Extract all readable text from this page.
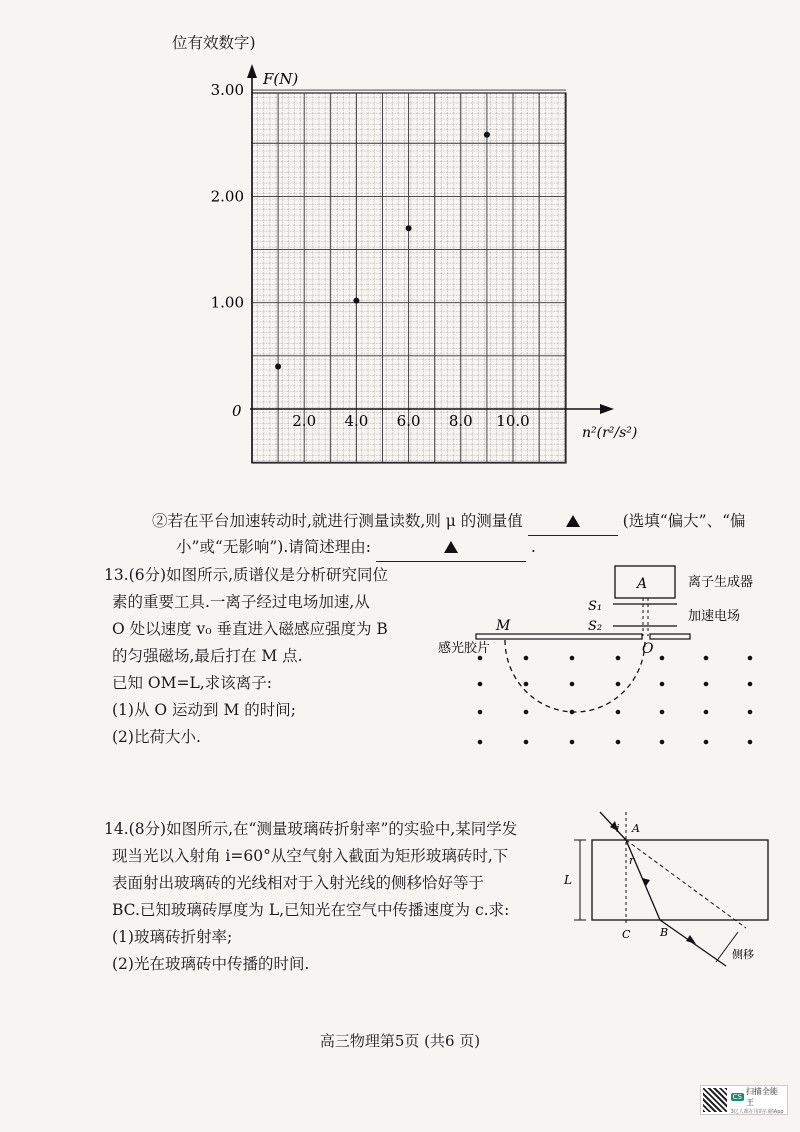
位有效数字)
3.00
2.00
1.00
2.0 4.0 6.0 8.0 10.0
F(N)
n²(r²/s²)
0
②若在平台加速转动时,就进行测量读数,则 μ 的测量值	(选填“偏大”、“偏
小”或“无影响”).请简述理由:	.
13.(6分)如图所示,质谱仪是分析研究同位
素的重要工具.一离子经过电场加速,从
O 处以速度 v₀ 垂直进入磁感应强度为 B
的匀强磁场,最后打在 M 点.
已知 OM=L,求该离子:
(1)从 O 运动到 M 的时间;
(2)比荷大小.
A	离子生成器
S₁
S₂
加速电场
M
O
感光胶片
14.(8分)如图所示,在“测量玻璃砖折射率”的实验中,某同学发
现当光以入射角 i=60°从空气射入截面为矩形玻璃砖时,下
表面射出玻璃砖的光线相对于入射光线的侧移恰好等于
BC.已知玻璃砖厚度为 L,已知光在空气中传播速度为 c.求:
(1)玻璃砖折射率;
(2)光在玻璃砖中传播的时间.
L
i A
r
C	B
侧移
高三物理第5页 (共6 页)
CS
扫描全能王
3亿人都在用的扫描App
